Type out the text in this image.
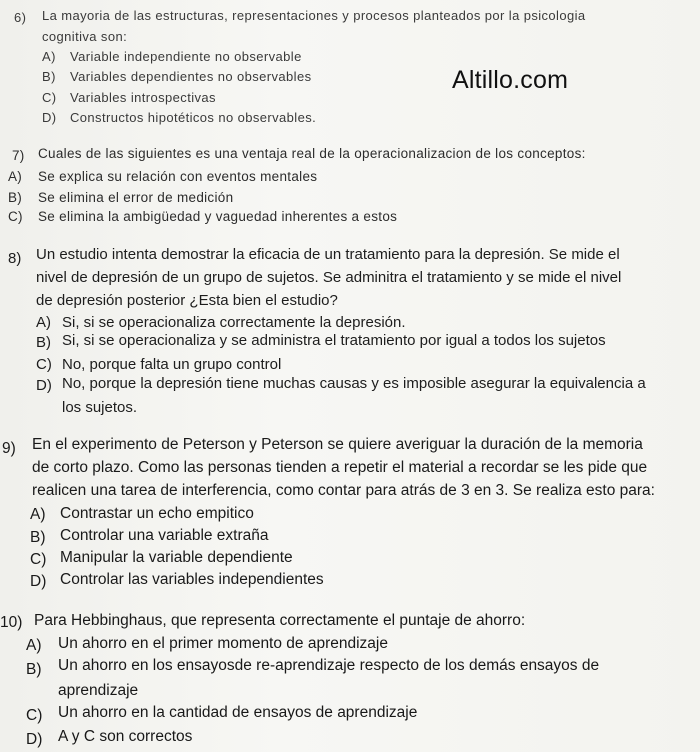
Altillo.com
6) La mayoria de las estructuras, representaciones y procesos planteados por la psicologia
cognitiva son:
A) Variable independiente no observable
B) Variables dependientes no observables
C) Variables introspectivas
D) Constructos hipotéticos no observables.
7) Cuales de las siguientes es una ventaja real de la operacionalizacion de los conceptos:
A) Se explica su relación con eventos mentales
B) Se elimina el error de medición
C) Se elimina la ambigüedad y vaguedad inherentes a estos
8) Un estudio intenta demostrar la eficacia de un tratamiento para la depresión. Se mide el
nivel de depresión de un grupo de sujetos. Se adminitra el tratamiento y se mide el nivel
de depresión posterior ¿Esta bien el estudio?
A) Si, si se operacionaliza correctamente la depresión.
B) Si, si se operacionaliza y se administra el tratamiento por igual a todos los sujetos
C) No, porque falta un grupo control
D) No, porque la depresión tiene muchas causas y es imposible asegurar la equivalencia a
los sujetos.
9) En el experimento de Peterson y Peterson se quiere averiguar la duración de la memoria
de corto plazo. Como las personas tienden a repetir el material a recordar se les pide que
realicen una tarea de interferencia, como contar para atrás de 3 en 3. Se realiza esto para:
A) Contrastar un echo empitico
B) Controlar una variable extraña
C) Manipular la variable dependiente
D) Controlar las variables independientes
10) Para Hebbinghaus, que representa correctamente el puntaje de ahorro:
A) Un ahorro en el primer momento de aprendizaje
B) Un ahorro en los ensayosde re-aprendizaje respecto de los demás ensayos de
aprendizaje
C) Un ahorro en la cantidad de ensayos de aprendizaje
D) A y C son correctos
